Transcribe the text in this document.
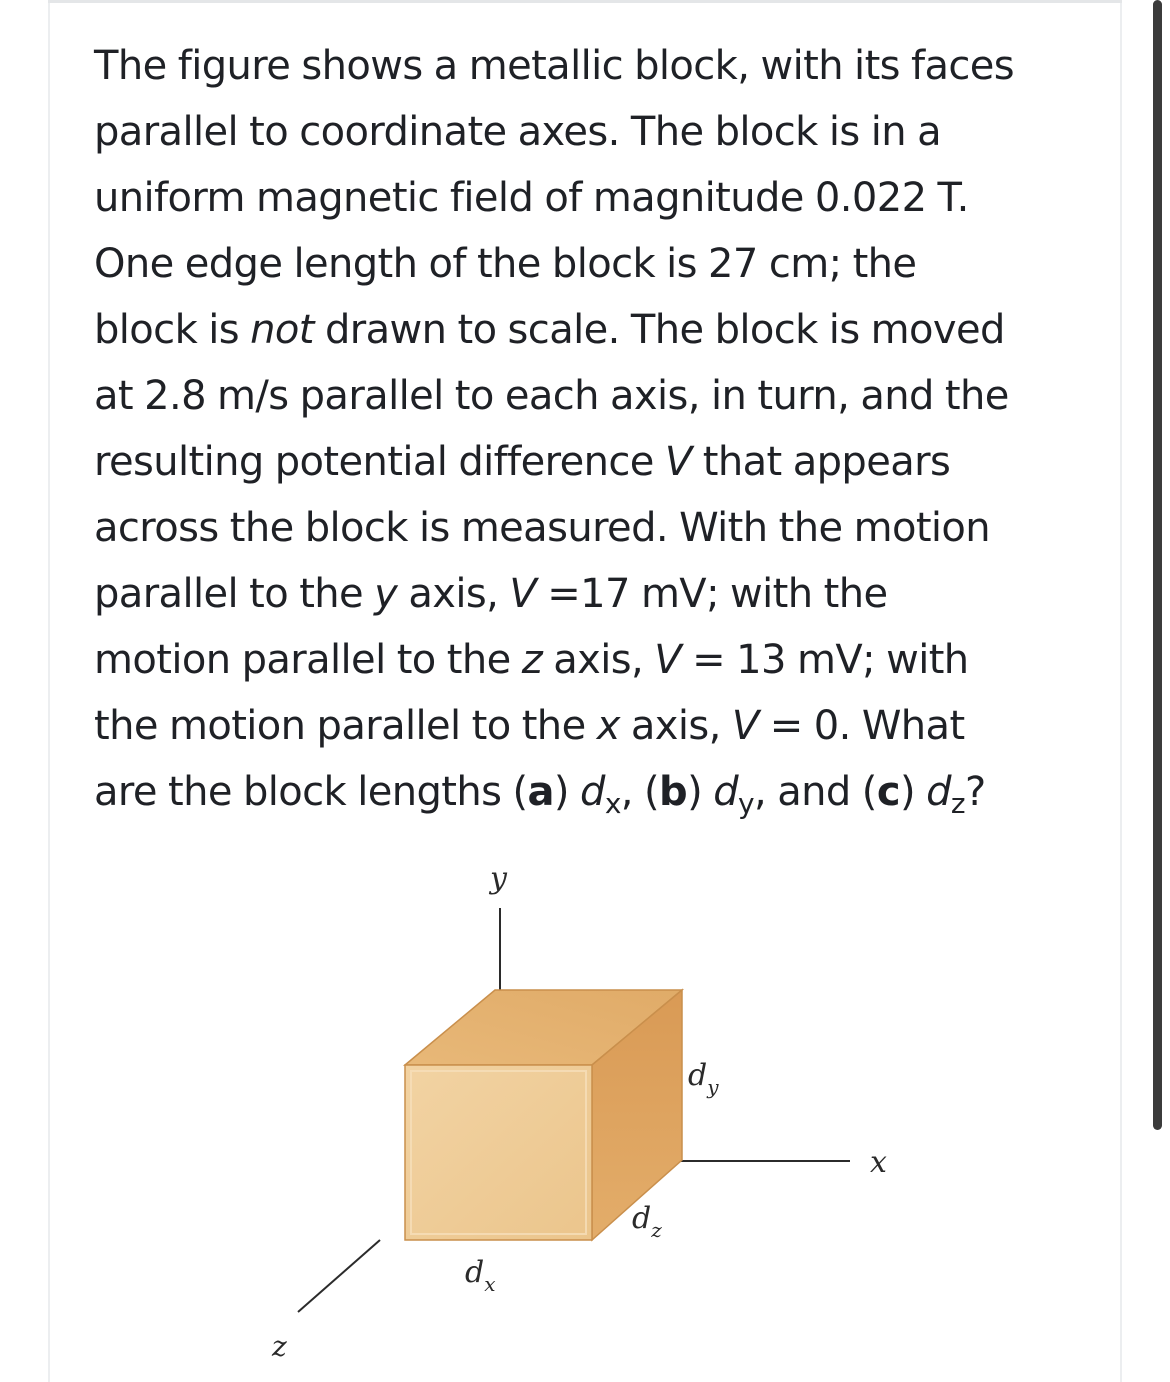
The figure shows a metallic block, with its faces
parallel to coordinate axes. The block is in a
uniform magnetic field of magnitude 0.022 T.
One edge length of the block is 27 cm; the
block is not drawn to scale. The block is moved
at 2.8 m/s parallel to each axis, in turn, and the
resulting potential difference V that appears
across the block is measured. With the motion
parallel to the y axis, V =17 mV; with the
motion parallel to the z axis, V = 13 mV; with
the motion parallel to the x axis, V = 0. What
are the block lengths (a) $d_x$, (b) $d_y$, and (c) $d_z$?

y
x
z
$d_y$
$d_z$
$d_x$
